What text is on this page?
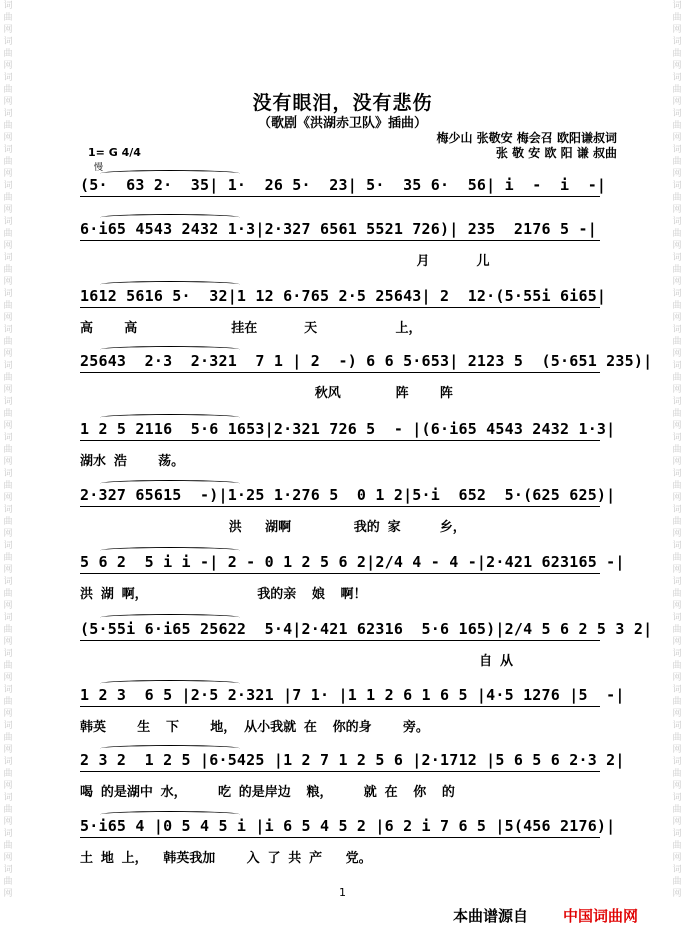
词曲网词曲网词曲网词曲网词曲网词曲网词曲网词曲网词曲网词曲网词曲网词曲网词曲网词曲网词曲网词曲网词曲网词曲网词曲网词曲网词曲网词曲网词曲网词曲网词曲网
词曲网词曲网词曲网词曲网词曲网词曲网词曲网词曲网词曲网词曲网词曲网词曲网词曲网词曲网词曲网词曲网词曲网词曲网词曲网词曲网词曲网词曲网词曲网词曲网词曲网
没有眼泪，没有悲伤
（歌剧《洪湖赤卫队》插曲）
梅少山 张敬安 梅会召 欧阳谦叔词
张 敬 安 欧 阳 谦 叔曲
1= G 4/4
慢
(5·  63 2·  35| 1·  26 5·  23| 5·  35 6·  56| i  -  i  -|
6·i65 4543 2432 1·3|2·327 6561 5521 726)| 235  2176 5 -|
月      儿
1612 5616 5·  32|1 12 6·765 2·5 25643| 2  12·(5·55i 6i65|
高    高            挂在      天          上，
25643  2·3  2·321  7 1 | 2  -) 6 6 5·653| 2123 5  (5·651 235)|
秋风       阵    阵
1 2 5 2116  5·6 1653|2·321 726 5  - |(6·i65 4543 2432 1·3|
湖水 浩    荡。
2·327 65615  -)|1·25 1·276 5  0 1 2|5·i  652  5·(625 625)|
洪   湖啊        我的 家     乡，
5 6 2  5 i i -| 2 - 0 1 2 5 6 2|2/4 4 - 4 -|2·421 623165 -|
洪 湖 啊，              我的亲  娘  啊！
(5·55i 6·i65 25622  5·4|2·421 62316  5·6 165)|2/4 5 6 2 5 3 2|
自 从
1 2 3  6 5 |2·5 2·321 |7 1· |1 1 2 6 1 6 5 |4·5 1276 |5  -|
韩英    生  下    地， 从小我就 在  你的身    旁。
2 3 2  1 2 5 |6·5425 |1 2 7 1 2 5 6 |2·1712 |5 6 5 6 2·3 2|
喝 的是湖中 水，    吃 的是岸边  粮，    就 在  你  的
5·i65 4 |0 5 4 5 i |i 6 5 4 5 2 |6 2 i 7 6 5 |5(456 2176)|
土 地 上，  韩英我加    入 了 共 产   党。
1
本曲谱源自 中国词曲网
